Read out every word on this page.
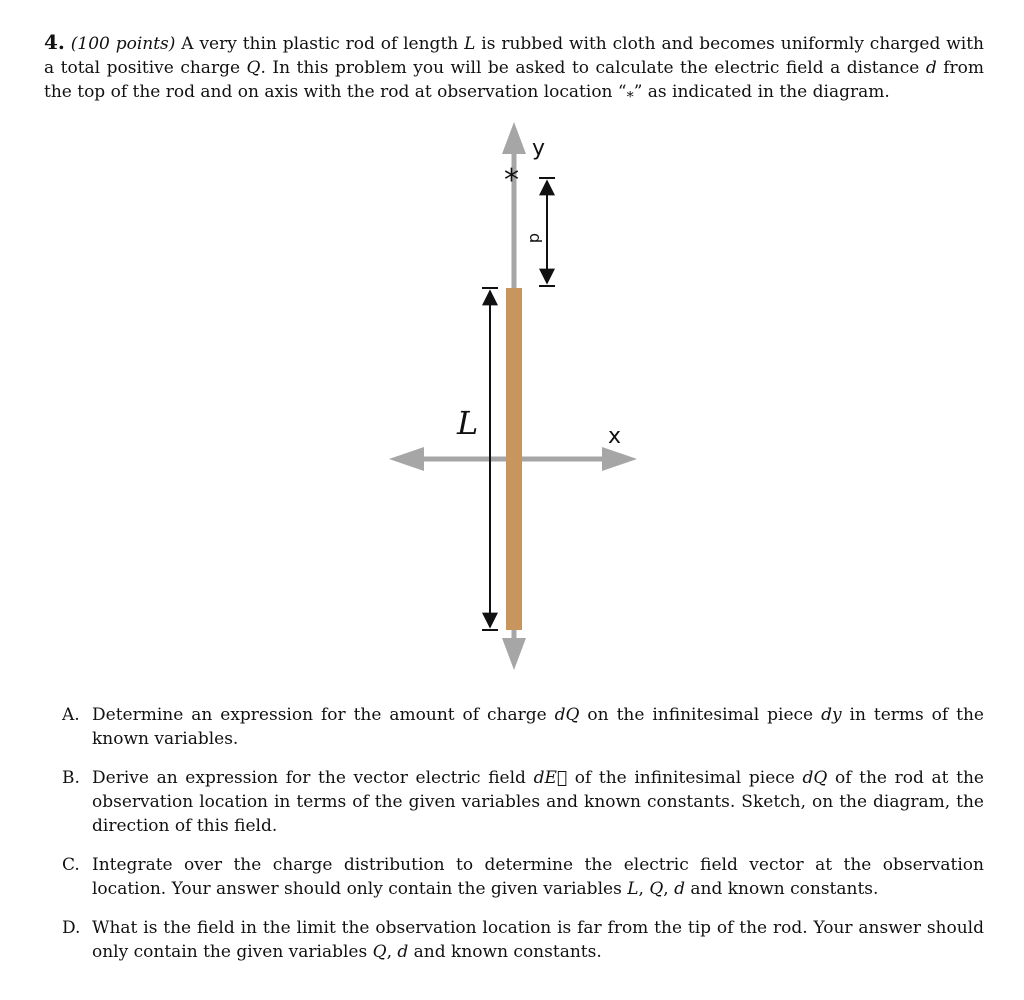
4. (100 points) A very thin plastic rod of length L is rubbed with cloth and becomes uniformly charged with a total positive charge Q. In this problem you will be asked to calculate the electric field a distance d from the top of the rod and on axis with the rod at observation location “$_*$” as indicated in the diagram.
y
x
L
d
*
A. Determine an expression for the amount of charge dQ on the infinitesimal piece dy in terms of the known variables.
B. Derive an expression for the vector electric field dE⃗ of the infinitesimal piece dQ of the rod at the observation location in terms of the given variables and known constants. Sketch, on the diagram, the direction of this field.
C. Integrate over the charge distribution to determine the electric field vector at the observation location. Your answer should only contain the given variables L, Q, d and known constants.
D. What is the field in the limit the observation location is far from the tip of the rod. Your answer should only contain the given variables Q, d and known constants.
